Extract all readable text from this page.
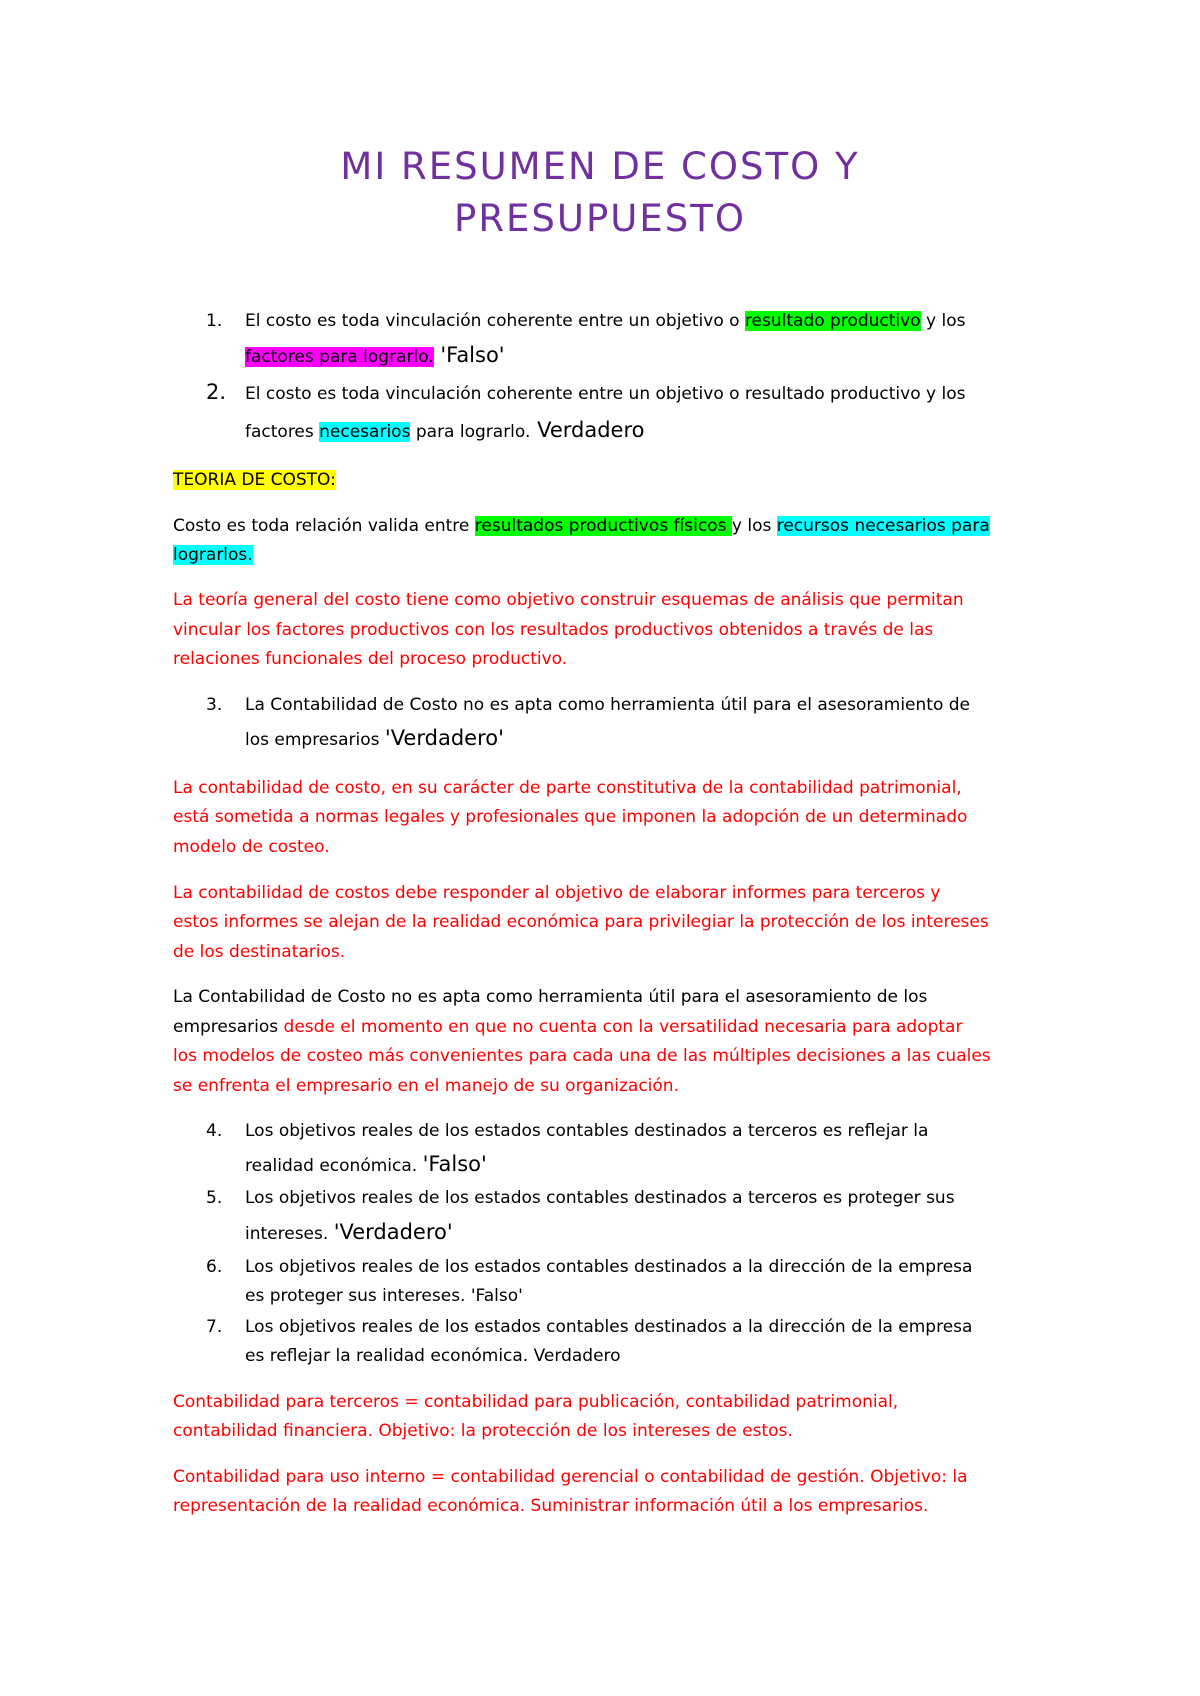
MI RESUMEN DE COSTO Y
PRESUPUESTO
1. El costo es toda vinculación coherente entre un objetivo o resultado productivo y los
factores para lograrlo. 'Falso'
2. El costo es toda vinculación coherente entre un objetivo o resultado productivo y los
factores necesarios para lograrlo. Verdadero
TEORIA DE COSTO:
Costo es toda relación valida entre resultados productivos físicos y los recursos necesarios para
lograrlos.
La teoría general del costo tiene como objetivo construir esquemas de análisis que permitan
vincular los factores productivos con los resultados productivos obtenidos a través de las
relaciones funcionales del proceso productivo.
3. La Contabilidad de Costo no es apta como herramienta útil para el asesoramiento de
los empresarios 'Verdadero'
La contabilidad de costo, en su carácter de parte constitutiva de la contabilidad patrimonial,
está sometida a normas legales y profesionales que imponen la adopción de un determinado
modelo de costeo.
La contabilidad de costos debe responder al objetivo de elaborar informes para terceros y
estos informes se alejan de la realidad económica para privilegiar la protección de los intereses
de los destinatarios.
La Contabilidad de Costo no es apta como herramienta útil para el asesoramiento de los
empresarios desde el momento en que no cuenta con la versatilidad necesaria para adoptar
los modelos de costeo más convenientes para cada una de las múltiples decisiones a las cuales
se enfrenta el empresario en el manejo de su organización.
4. Los objetivos reales de los estados contables destinados a terceros es reflejar la
realidad económica. 'Falso'
5. Los objetivos reales de los estados contables destinados a terceros es proteger sus
intereses. 'Verdadero'
6. Los objetivos reales de los estados contables destinados a la dirección de la empresa
es proteger sus intereses. 'Falso'
7. Los objetivos reales de los estados contables destinados a la dirección de la empresa
es reflejar la realidad económica. Verdadero
Contabilidad para terceros = contabilidad para publicación, contabilidad patrimonial,
contabilidad financiera. Objetivo: la protección de los intereses de estos.
Contabilidad para uso interno = contabilidad gerencial o contabilidad de gestión. Objetivo: la
representación de la realidad económica. Suministrar información útil a los empresarios.
